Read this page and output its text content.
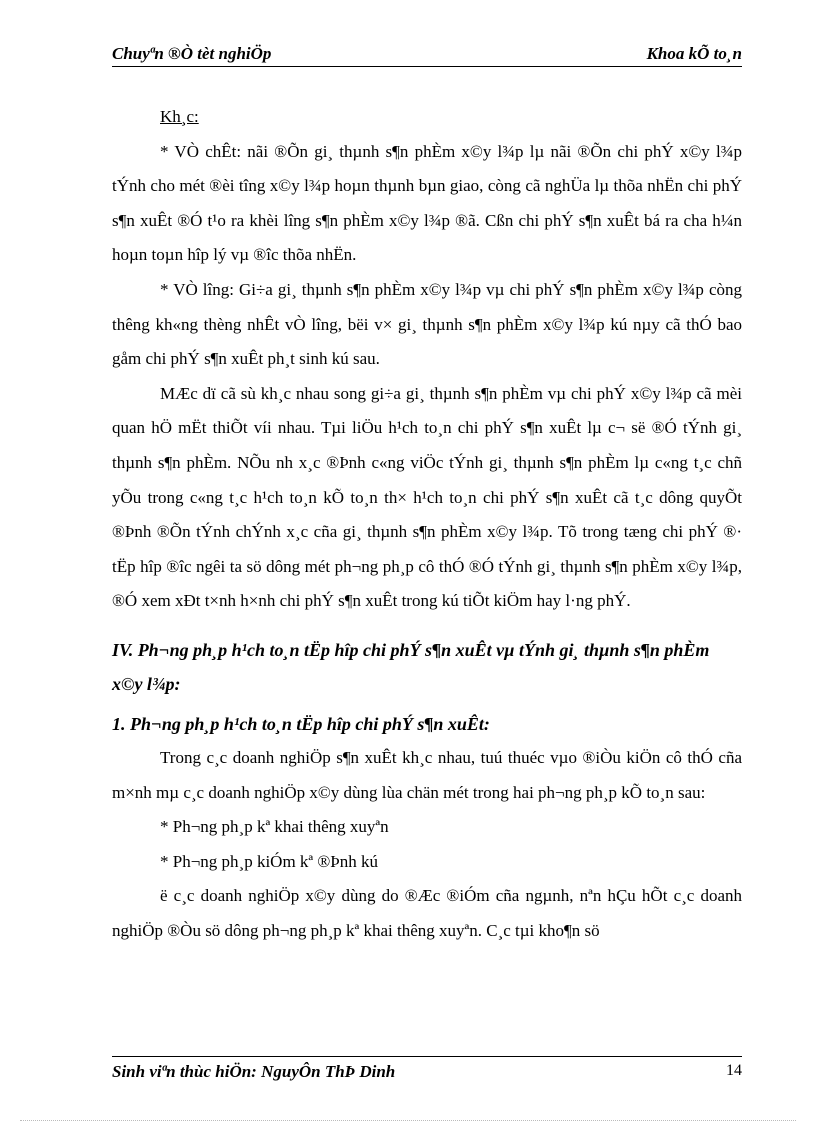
Chuyªn ®Ò tèt nghiÖp	Khoa kÕ to¸n

Kh¸c:

* VÒ chÊt: nãi ®Õn gi¸ thµnh s¶n phÈm x©y l¾p lµ nãi ®Õn chi phÝ x©y l¾p tÝnh cho mét ®èi tîng x©y l¾p hoµn thµnh bµn giao, còng cã nghÜa lµ thõa nhËn chi phÝ s¶n xuÊt ®Ó t¹o ra khèi lîng s¶n phÈm x©y l¾p ®ã. Cßn chi phÝ s¶n xuÊt bá ra cha h¼n hoµn toµn hîp lý vµ ®îc thõa nhËn.

* VÒ lîng: Gi÷a gi¸ thµnh s¶n phÈm x©y l¾p vµ chi phÝ s¶n phÈm x©y l¾p còng thêng kh«ng thèng nhÊt vÒ lîng, bëi v× gi¸ thµnh s¶n phÈm x©y l¾p kú nµy cã thÓ bao gåm chi phÝ s¶n xuÊt ph¸t sinh kú sau.

MÆc dï cã sù kh¸c nhau song gi÷a gi¸ thµnh s¶n phÈm vµ chi phÝ x©y l¾p cã mèi quan hÖ mËt thiÕt víi nhau. Tµi liÖu h¹ch to¸n chi phÝ s¶n xuÊt lµ c¬ së ®Ó tÝnh gi¸ thµnh s¶n phÈm. NÕu nh x¸c ®Þnh c«ng viÖc tÝnh gi¸ thµnh s¶n phÈm lµ c«ng t¸c chñ yÕu trong c«ng t¸c h¹ch to¸n kÕ to¸n th× h¹ch to¸n chi phÝ s¶n xuÊt cã t¸c dông quyÕt ®Þnh ®Õn tÝnh chÝnh x¸c cña gi¸ thµnh s¶n phÈm x©y l¾p. Tõ trong tæng chi phÝ ®· tËp hîp ®îc ngêi ta sö dông mét ph¬ng ph¸p cô thÓ ®Ó tÝnh gi¸ thµnh s¶n phÈm x©y l¾p, ®Ó xem xÐt t×nh h×nh chi phÝ s¶n xuÊt trong kú tiÕt kiÖm hay l·ng phÝ.

IV. Ph¬ng ph¸p h¹ch to¸n tËp hîp chi phÝ s¶n xuÊt vµ tÝnh gi¸ thµnh s¶n phÈm x©y l¾p:

1. Ph¬ng ph¸p h¹ch to¸n tËp hîp chi phÝ s¶n xuÊt:

Trong c¸c doanh nghiÖp s¶n xuÊt kh¸c nhau, tuú thuéc vµo ®iÒu kiÖn cô thÓ cña m×nh mµ c¸c doanh nghiÖp x©y dùng lùa chän mét trong hai ph¬ng ph¸p kÕ to¸n sau:

* Ph¬ng ph¸p kª khai thêng xuyªn

* Ph¬ng ph¸p kiÓm kª ®Þnh kú

ë c¸c doanh nghiÖp x©y dùng do ®Æc ®iÓm cña ngµnh, nªn hÇu hÕt c¸c doanh nghiÖp ®Òu sö dông ph¬ng ph¸p kª khai thêng xuyªn. C¸c tµi kho¶n sö

Sinh viªn thùc hiÖn: NguyÔn ThÞ Dinh	14
